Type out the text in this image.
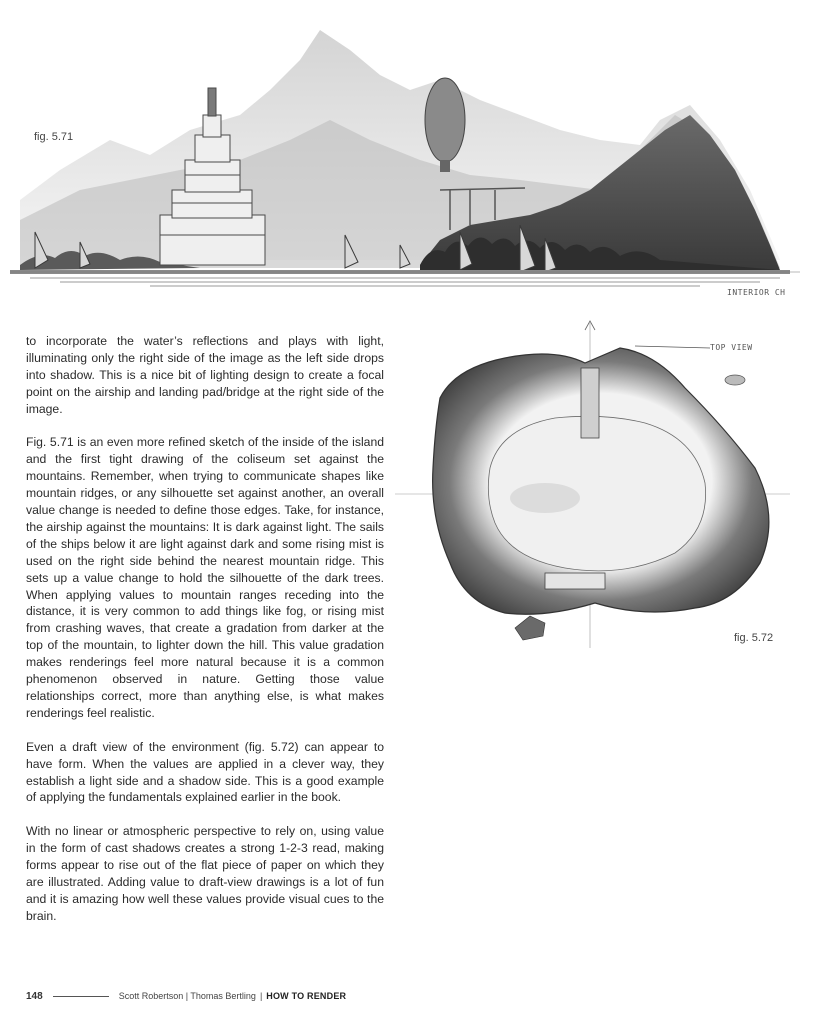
fig. 5.71
INTERIOR CH
TOP VIEW
fig. 5.72

to incorporate the water’s reflections and plays with light, illuminating only the right side of the image as the left side drops into shadow. This is a nice bit of lighting design to create a focal point on the airship and landing pad/bridge at the right side of the image.

Fig. 5.71 is an even more refined sketch of the inside of the island and the first tight drawing of the coliseum set against the mountains. Remember, when trying to communicate shapes like mountain ridges, or any silhouette set against another, an overall value change is needed to define those edges. Take, for instance, the airship against the mountains: It is dark against light. The sails of the ships below it are light against dark and some rising mist is used on the right side behind the nearest mountain ridge. This sets up a value change to hold the silhouette of the dark trees. When applying values to mountain ranges receding into the distance, it is very common to add things like fog, or rising mist from crashing waves, that create a gradation from darker at the top of the mountain, to lighter down the hill. This value gradation makes renderings feel more natural because it is a common phenomenon observed in nature. Getting those value relationships correct, more than anything else, is what makes renderings feel realistic.

Even a draft view of the environment (fig. 5.72) can appear to have form. When the values are applied in a clever way, they establish a light side and a shadow side. This is a good example of applying the fundamentals explained earlier in the book.

With no linear or atmospheric perspective to rely on, using value in the form of cast shadows creates a strong 1-2-3 read, making forms appear to rise out of the flat piece of paper on which they are illustrated. Adding value to draft-view drawings is a lot of fun and it is amazing how well these values provide visual cues to the brain.

148	Scott Robertson | Thomas Bertling | HOW TO RENDER
